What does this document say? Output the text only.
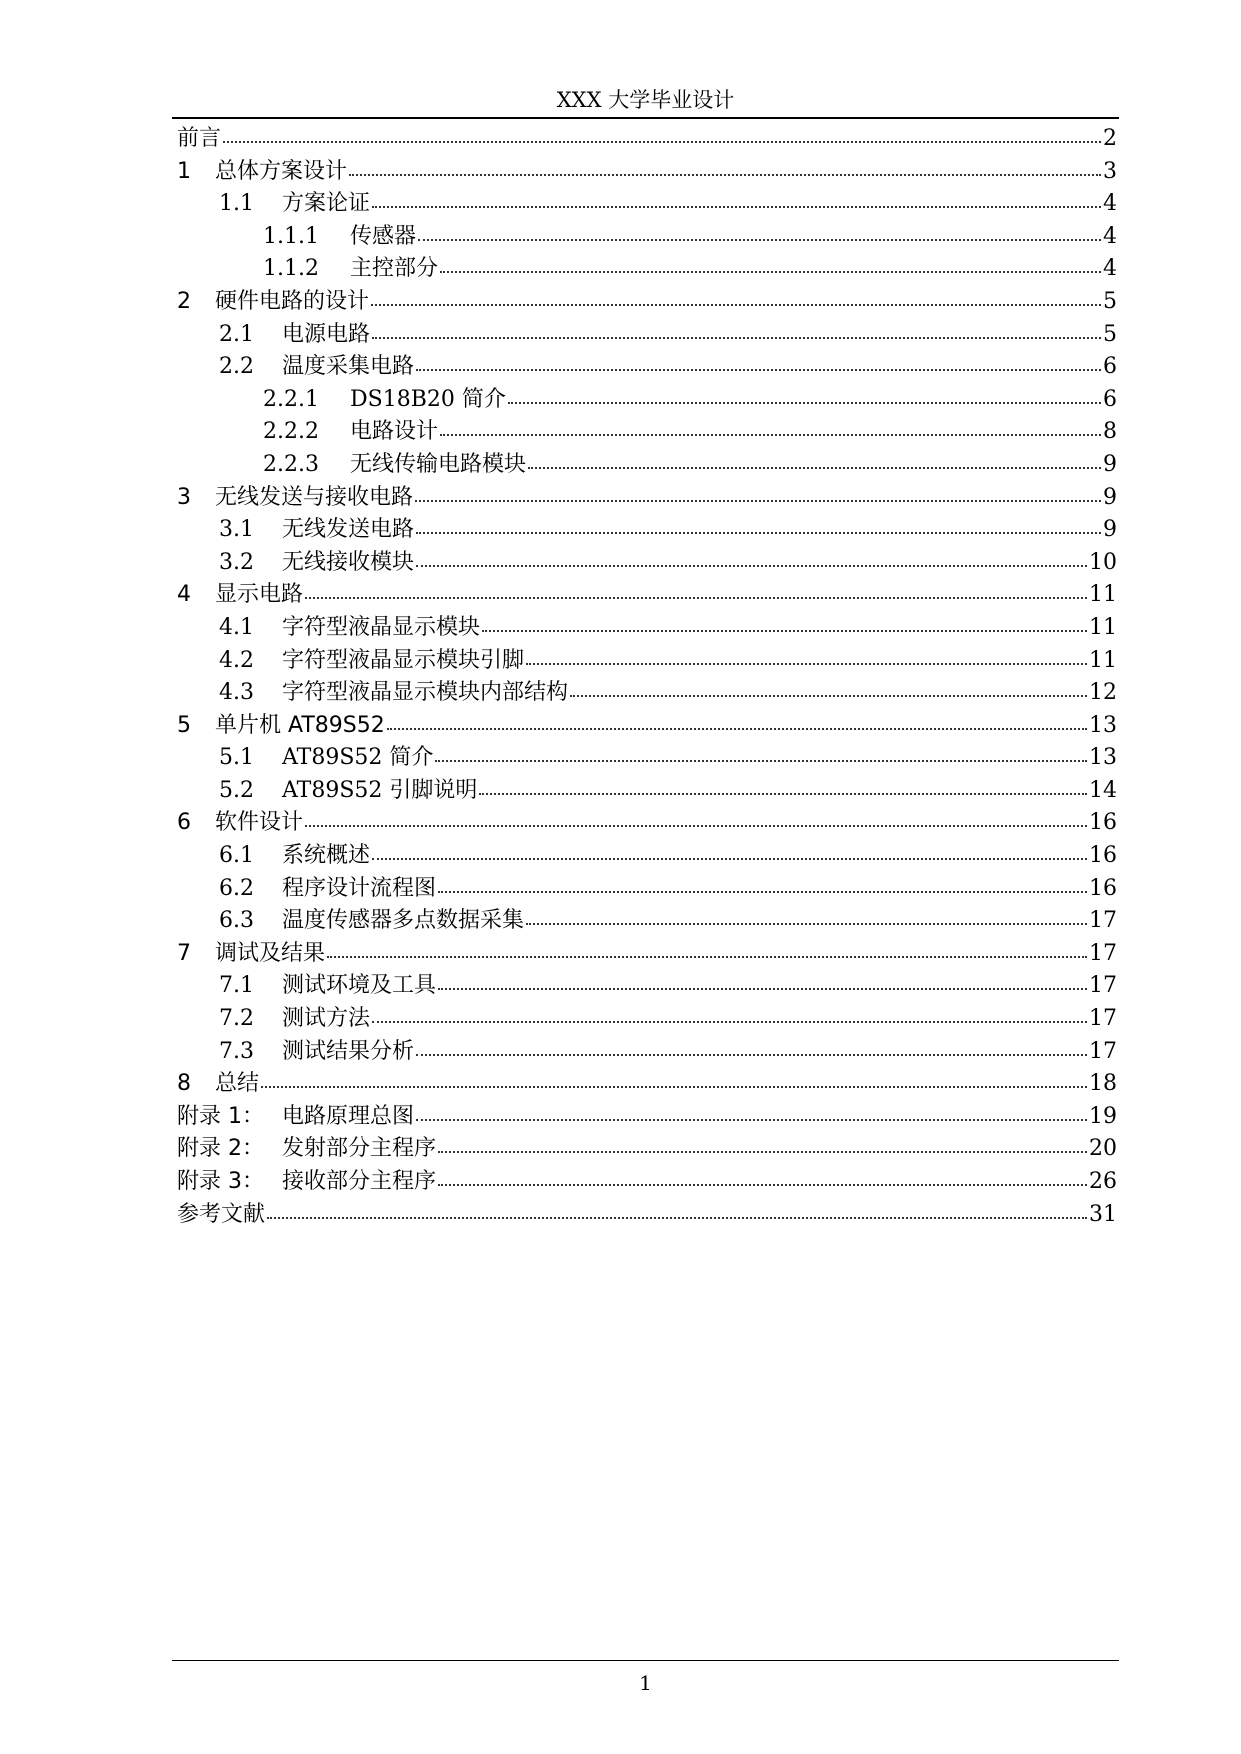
XXX 大学毕业设计
前言	2
1	总体方案设计	3
1.1	方案论证	4
1.1.1	传感器	4
1.1.2	主控部分	4
2	硬件电路的设计	5
2.1	电源电路	5
2.2	温度采集电路	6
2.2.1	DS18B20 简介	6
2.2.2	电路设计	8
2.2.3	无线传输电路模块	9
3	无线发送与接收电路	9
3.1	无线发送电路	9
3.2	无线接收模块	10
4	显示电路	11
4.1	字符型液晶显示模块	11
4.2	字符型液晶显示模块引脚	11
4.3	字符型液晶显示模块内部结构	12
5	单片机 AT89S52	13
5.1	AT89S52 简介	13
5.2	AT89S52 引脚说明	14
6	软件设计	16
6.1	系统概述	16
6.2	程序设计流程图	16
6.3	温度传感器多点数据采集	17
7	调试及结果	17
7.1	测试环境及工具	17
7.2	测试方法	17
7.3	测试结果分析	17
8	总结	18
附录 1： 电路原理总图	19
附录 2： 发射部分主程序	20
附录 3： 接收部分主程序	26
参考文献	31
1
